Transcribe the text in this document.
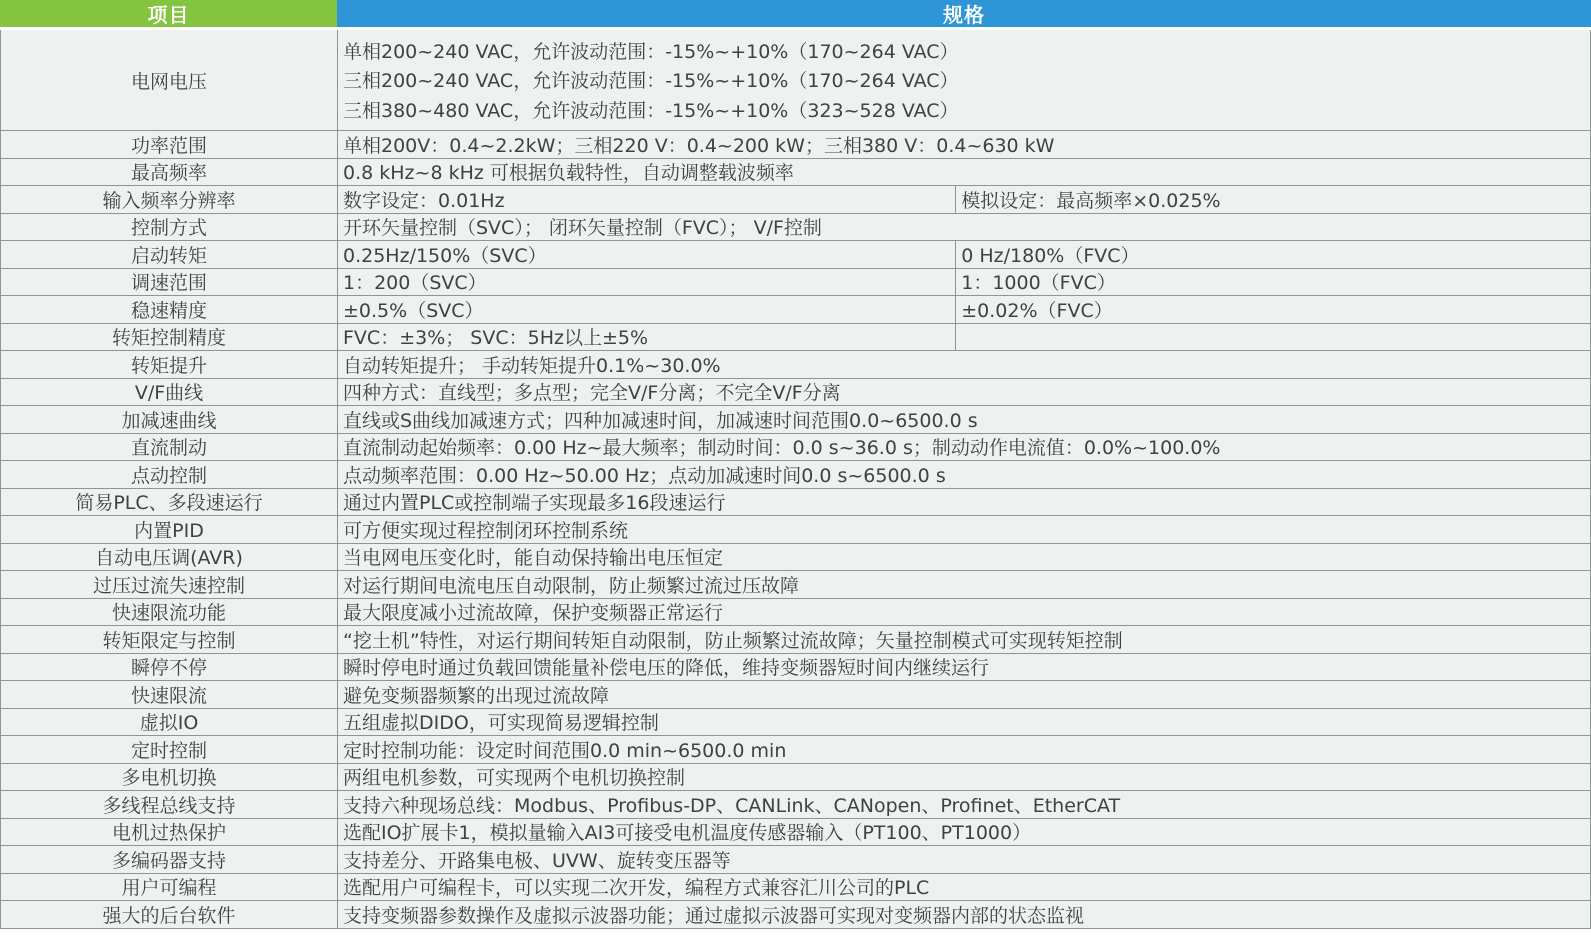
项目	规格
电网电压
单相200~240 VAC，允许波动范围：-15%~+10%（170~264 VAC）
三相200~240 VAC，允许波动范围：-15%~+10%（170~264 VAC）
三相380~480 VAC，允许波动范围：-15%~+10%（323~528 VAC）
功率范围	单相200V：0.4~2.2kW；三相220 V：0.4~200 kW；三相380 V：0.4~630 kW
最高频率	0.8 kHz~8 kHz 可根据负载特性，自动调整载波频率
输入频率分辨率	数字设定：0.01Hz	模拟设定：最高频率×0.025%
控制方式	开环矢量控制（SVC）； 闭环矢量控制（FVC）； V/F控制
启动转矩	0.25Hz/150%（SVC）	0 Hz/180%（FVC）
调速范围	1：200（SVC）	1：1000（FVC）
稳速精度	±0.5%（SVC）	±0.02%（FVC）
转矩控制精度	FVC：±3%； SVC：5Hz以上±5%
转矩提升	自动转矩提升； 手动转矩提升0.1%~30.0%
V/F曲线	四种方式：直线型；多点型；完全V/F分离；不完全V/F分离
加减速曲线	直线或S曲线加减速方式；四种加减速时间，加减速时间范围0.0~6500.0 s
直流制动	直流制动起始频率：0.00 Hz~最大频率；制动时间：0.0 s~36.0 s；制动动作电流值：0.0%~100.0%
点动控制	点动频率范围：0.00 Hz~50.00 Hz；点动加减速时间0.0 s~6500.0 s
简易PLC、多段速运行	通过内置PLC或控制端子实现最多16段速运行
内置PID	可方便实现过程控制闭环控制系统
自动电压调(AVR)	当电网电压变化时，能自动保持输出电压恒定
过压过流失速控制	对运行期间电流电压自动限制，防止频繁过流过压故障
快速限流功能	最大限度减小过流故障，保护变频器正常运行
转矩限定与控制	“挖土机”特性，对运行期间转矩自动限制，防止频繁过流故障；矢量控制模式可实现转矩控制
瞬停不停	瞬时停电时通过负载回馈能量补偿电压的降低，维持变频器短时间内继续运行
快速限流	避免变频器频繁的出现过流故障
虚拟IO	五组虚拟DIDO，可实现简易逻辑控制
定时控制	定时控制功能：设定时间范围0.0 min~6500.0 min
多电机切换	两组电机参数，可实现两个电机切换控制
多线程总线支持	支持六种现场总线：Modbus、Profibus-DP、CANLink、CANopen、Profinet、EtherCAT
电机过热保护	选配IO扩展卡1，模拟量输入AI3可接受电机温度传感器输入（PT100、PT1000）
多编码器支持	支持差分、开路集电极、UVW、旋转变压器等
用户可编程	选配用户可编程卡，可以实现二次开发，编程方式兼容汇川公司的PLC
强大的后台软件	支持变频器参数操作及虚拟示波器功能；通过虚拟示波器可实现对变频器内部的状态监视
